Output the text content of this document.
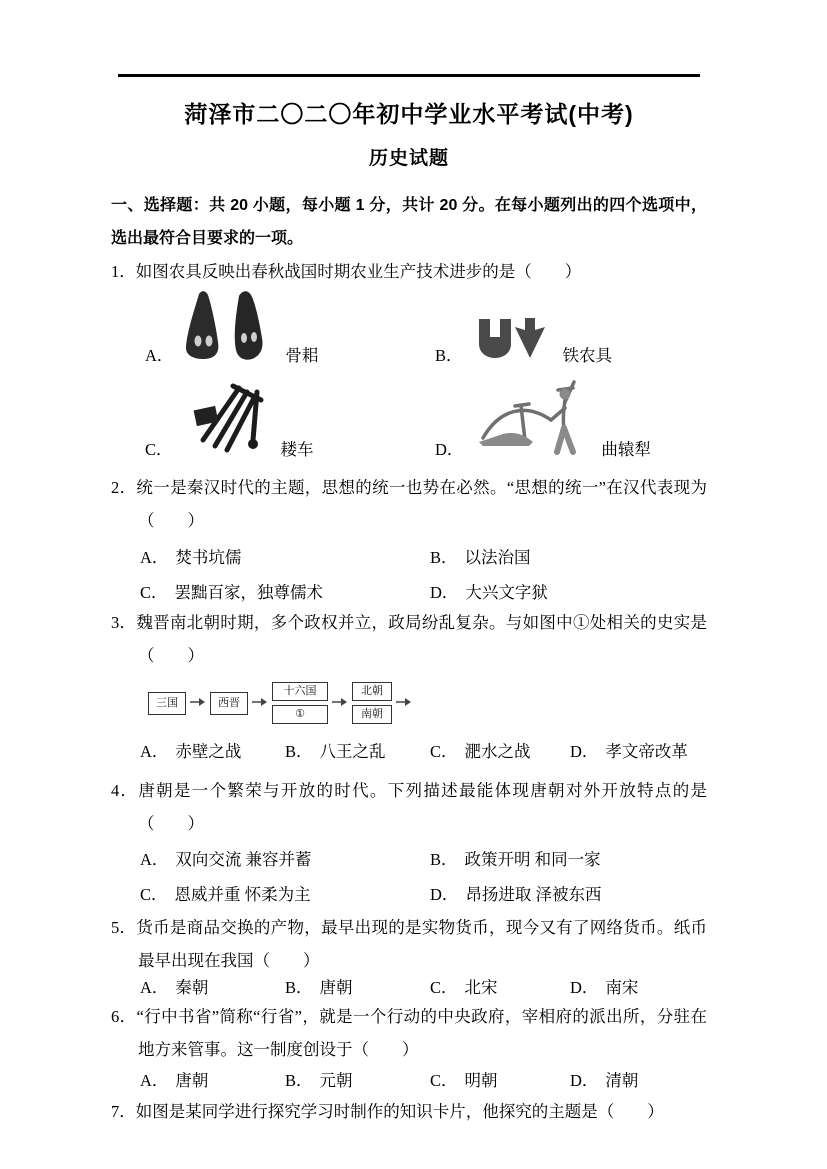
菏泽市二〇二〇年初中学业水平考试(中考)
历史试题
一、选择题：共 20 小题，每小题 1 分，共计 20 分。在每小题列出的四个选项中，选出最符合目要求的一项。
1．如图农具反映出春秋战国时期农业生产技术进步的是（　　）
A．	骨耜	B．	铁农具
C．	耧车	D．	曲辕犁
2．统一是秦汉时代的主题，思想的统一也势在必然。“思想的统一”在汉代表现为（　　）
A． 焚书坑儒	B． 以法治国
C． 罢黜百家，独尊儒术	D． 大兴文字狱
3．魏晋南北朝时期，多个政权并立，政局纷乱复杂。与如图中①处相关的史实是（　　）
三国	西晋
十六国
①
北朝
南朝
A． 赤壁之战	B． 八王之乱	C． 淝水之战	D． 孝文帝改革
4．唐朝是一个繁荣与开放的时代。下列描述最能体现唐朝对外开放特点的是（　　）
A． 双向交流 兼容并蓄	B． 政策开明 和同一家
C． 恩威并重 怀柔为主	D． 昂扬进取 泽被东西
5．货币是商品交换的产物，最早出现的是实物货币，现今又有了网络货币。纸币最早出现在我国（　　）
A． 秦朝	B． 唐朝	C． 北宋	D． 南宋
6．“行中书省”简称“行省”，就是一个行动的中央政府，宰相府的派出所，分驻在地方来管事。这一制度创设于（　　）
A． 唐朝	B． 元朝	C． 明朝	D． 清朝
7．如图是某同学进行探究学习时制作的知识卡片，他探究的主题是（　　）
